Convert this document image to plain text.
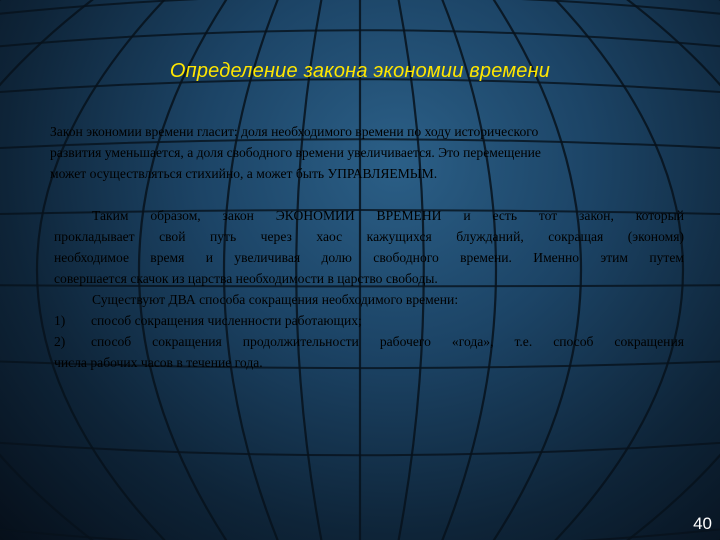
Определение закона экономии времени
Закон экономии времени гласит: доля необходимого времени по ходу исторического
развития уменьшается, а доля свободного времени увеличивается. Это перемещение
может осуществляться стихийно, а может быть УПРАВЛЯЕМЫМ.
Таким образом, закон ЭКОНОМИИ ВРЕМЕНИ и есть тот закон, который
прокладывает свой путь через хаос кажущихся блужданий, сокращая (экономя)
необходимое время и увеличивая долю свободного времени. Именно этим путем
совершается скачок из царства необходимости в царство свободы.
Существуют ДВА способа сокращения необходимого времени:
1)	способ сокращения численности работающих;
2)	способ сокращения продолжительности рабочего «года», т.е. способ сокращения
числа рабочих часов в течение года.
40
